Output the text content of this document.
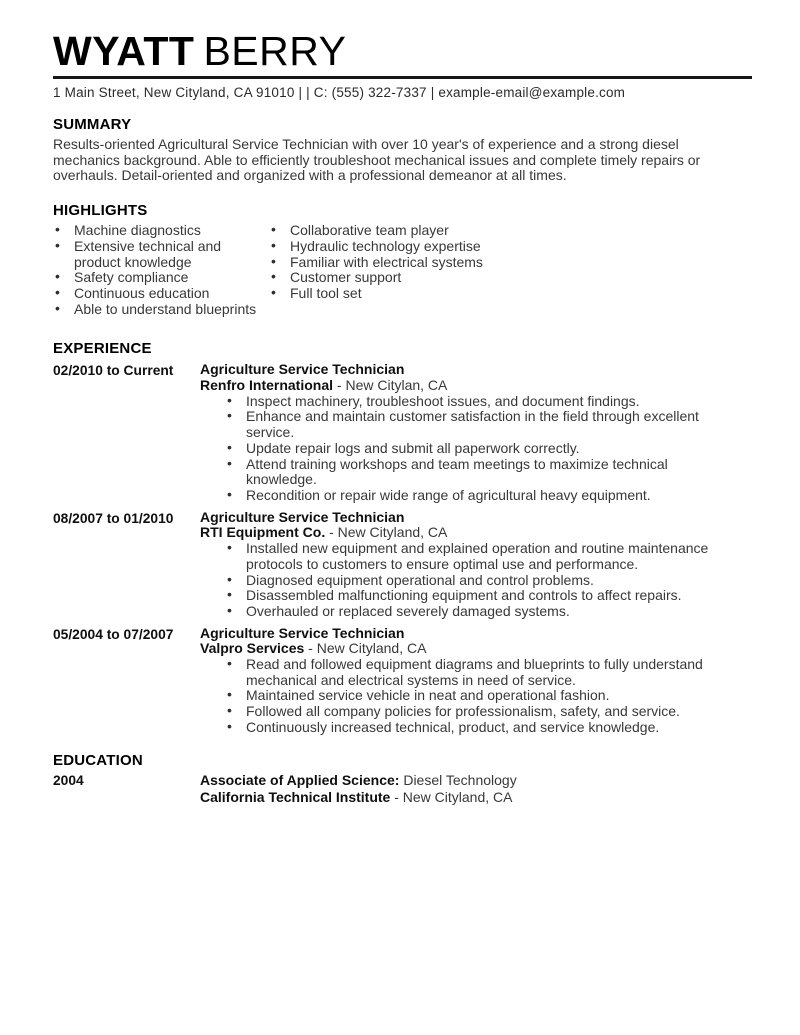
WYATT BERRY
1 Main Street, New Cityland, CA 91010 | | C: (555) 322-7337 | example-email@example.com
SUMMARY

Results-oriented Agricultural Service Technician with over 10 year's of experience and a strong diesel mechanics background. Able to efficiently troubleshoot mechanical issues and complete timely repairs or overhauls. Detail-oriented and organized with a professional demeanor at all times.

HIGHLIGHTS
• Machine diagnostics
• Extensive technical and product knowledge
• Safety compliance
• Continuous education
• Able to understand blueprints
• Collaborative team player
• Hydraulic technology expertise
• Familiar with electrical systems
• Customer support
• Full tool set
EXPERIENCE
02/2010 to Current	Agriculture Service Technician

Renfro International - New Citylan, CA

• Inspect machinery, troubleshoot issues, and document findings.
• Enhance and maintain customer satisfaction in the field through excellent service.
• Update repair logs and submit all paperwork correctly.
• Attend training workshops and team meetings to maximize technical knowledge.
• Recondition or repair wide range of agricultural heavy equipment.
08/2007 to 01/2010	Agriculture Service Technician

RTI Equipment Co. - New Cityland, CA

• Installed new equipment and explained operation and routine maintenance protocols to customers to ensure optimal use and performance.
• Diagnosed equipment operational and control problems.
• Disassembled malfunctioning equipment and controls to affect repairs.
• Overhauled or replaced severely damaged systems.
05/2004 to 07/2007	Agriculture Service Technician

Valpro Services - New Cityland, CA

• Read and followed equipment diagrams and blueprints to fully understand mechanical and electrical systems in need of service.
• Maintained service vehicle in neat and operational fashion.
• Followed all company policies for professionalism, safety, and service.
• Continuously increased technical, product, and service knowledge.
EDUCATION
2004	Associate of Applied Science: Diesel Technology
California Technical Institute - New Cityland, CA
